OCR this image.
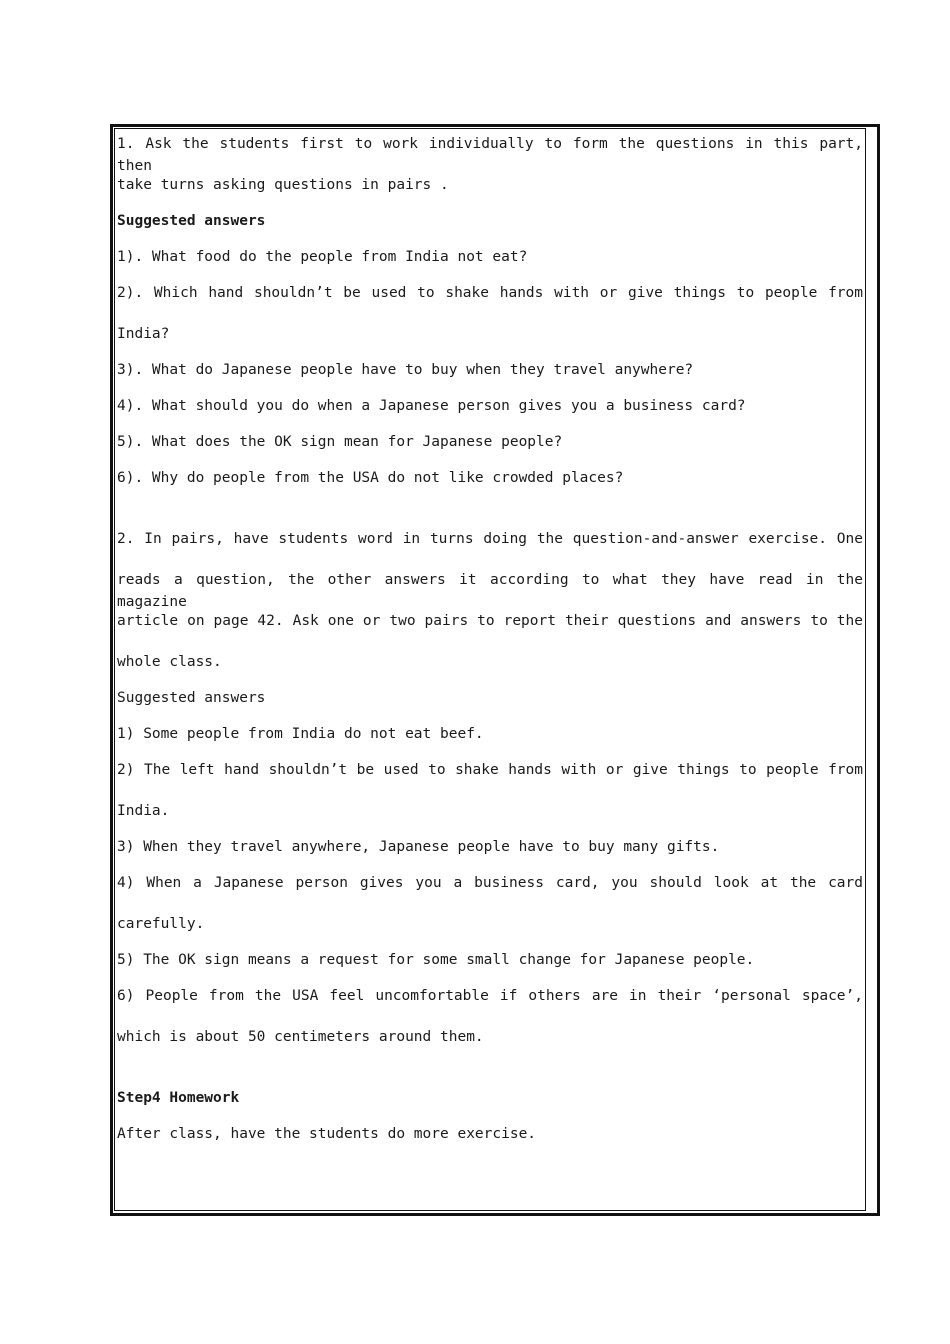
1. Ask the students first to work individually to form the questions in this part, then
take turns asking questions in pairs .
Suggested answers
1). What food do the people from India not eat?
2). Which hand shouldn’t be used to shake hands with or give things to people from
India?
3). What do Japanese people have to buy when they travel anywhere?
4). What should you do when a Japanese person gives you a business card?
5). What does the OK sign mean for Japanese people?
6). Why do people from the USA do not like crowded places?
2. In pairs, have students word in turns doing the question-and-answer exercise. One
reads a question, the other answers it according to what they have read in the magazine
article on page 42. Ask one or two pairs to report their questions and answers to the
whole class.
Suggested answers
1) Some people from India do not eat beef.
2) The left hand shouldn’t be used to shake hands with or give things to people from
India.
3) When they travel anywhere, Japanese people have to buy many gifts.
4) When a Japanese person gives you a business card, you should look at the card
carefully.
5) The OK sign means a request for some small change for Japanese people.
6) People from the USA feel uncomfortable if others are in their ‘personal space’,
which is about 50 centimeters around them.
Step4 Homework
After class, have the students do more exercise.
